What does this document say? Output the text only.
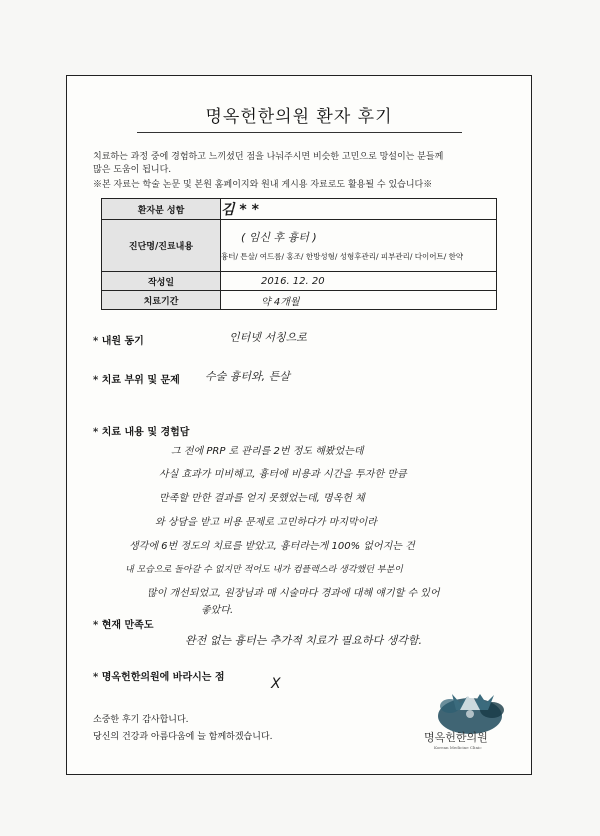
명옥헌한의원 환자 후기
치료하는 과정 중에 경험하고 느끼셨던 점을 나눠주시면 비슷한 고민으로 망설이는 분들께
많은 도움이 됩니다.
※본 자료는 학술 논문 및 본원 홈페이지와 원내 게시용 자료로도 활용될 수 있습니다※
환자분 성함	김 * *
진단명/진료내용	( 임신 후 흉터 )
흉터/ 튼살/ 여드름/ 홍조/ 한방성형/ 성형후관리/ 피부관리/ 다이어트/ 한약

작성일	2016. 12. 20
치료기간	약 4개월
* 내원 동기	인터넷 서칭으로
* 치료 부위 및 문제 수술 흉터와, 튼살
* 치료 내용 및 경험담
그 전에 PRP 로 관리를 2번 정도 해봤었는데
사실 효과가 미비해고, 흉터에 비용과 시간을 투자한 만큼
만족할 만한 결과를 얻지 못했었는데, 명옥헌 체
와 상담을 받고 비용 문제로 고민하다가 마지막이라
생각에 6번 정도의 치료를 받았고, 흉터라는게 100% 없어지는 건
내 모습으로 돌아갈 수 없지만 적어도 내가 컴플렉스라 생각했던 부분이
많이 개선되었고, 원장님과 매 시술마다 경과에 대해 얘기할 수 있어
좋았다.
* 현재 만족도
완전 없는 흉터는 추가적 치료가 필요하다 생각함.
* 명옥헌한의원에 바라시는 점	X
소중한 후기 감사합니다.
당신의 건강과 아름다움에 늘 함께하겠습니다.	명옥헌한의원
Korean Medicine Clinic
